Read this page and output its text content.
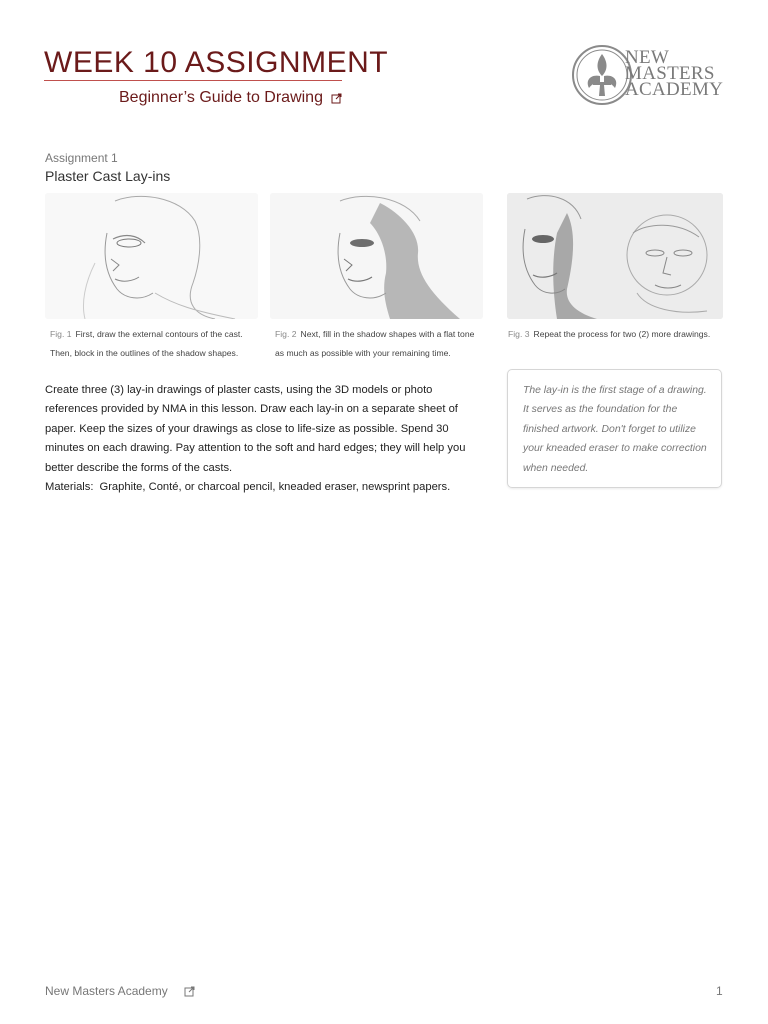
WEEK 10 ASSIGNMENT
Beginner’s Guide to Drawing
NEW
MASTERS
ACADEMY
Assignment 1
Plaster Cast Lay-ins
Fig. 1 First, draw the external contours of the cast.
Then, block in the outlines of the shadow shapes.
Fig. 2 Next, fill in the shadow shapes with a flat tone
as much as possible with your remaining time.
Fig. 3 Repeat the process for two (2) more drawings.

Create three (3) lay-in drawings of plaster casts, using the 3D models or photo references provided by NMA in this lesson. Draw each lay-in on a separate sheet of paper. Keep the sizes of your drawings as close to life-size as possible. Spend 30 minutes on each drawing. Pay attention to the soft and hard edges; they will help you better describe the forms of the casts.

Materials: Graphite, Conté, or charcoal pencil, kneaded eraser, newsprint papers.

The lay-in is the first stage of a drawing. It serves as the foundation for the finished artwork. Don't forget to utilize your kneaded eraser to make correction when needed.
New Masters Academy	1
